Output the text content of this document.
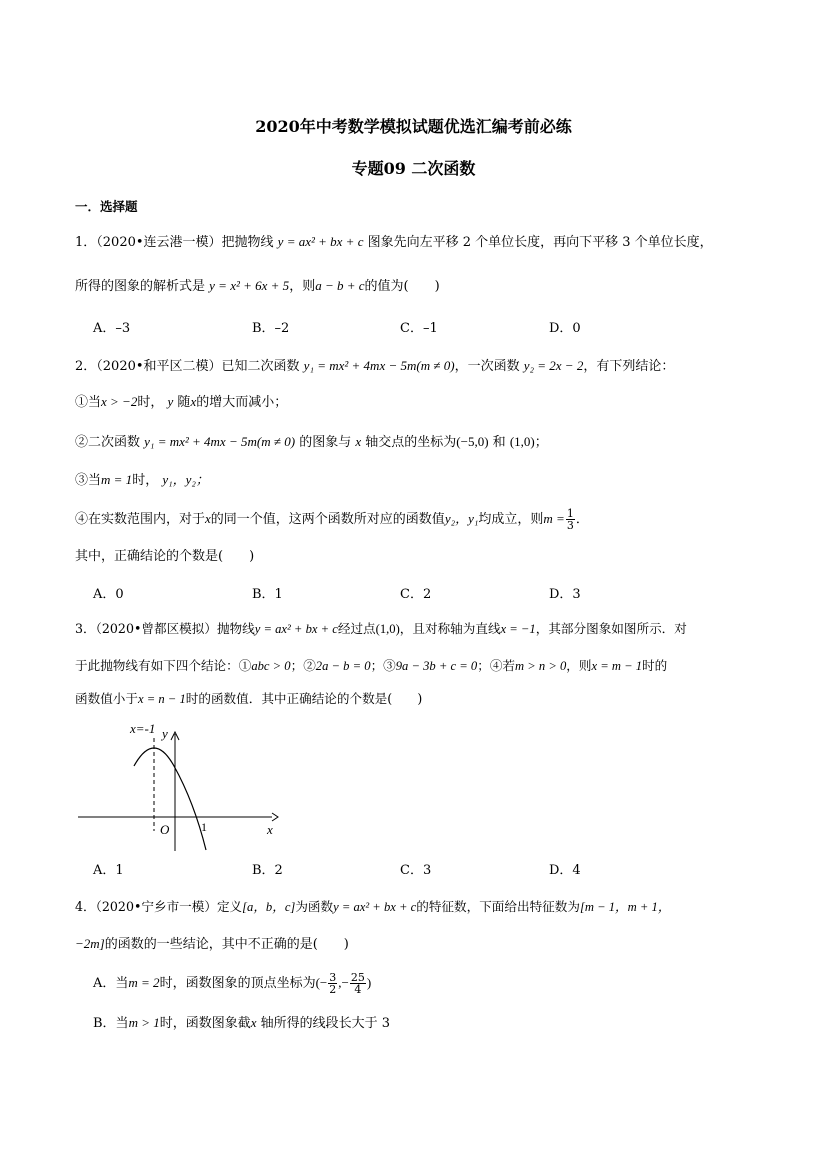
2020年中考数学模拟试题优选汇编考前必练
专题09 二次函数
一．选择题
1．（2020•连云港一模）把抛物线 y = ax² + bx + c 图象先向左平移 2 个单位长度，再向下平移 3 个单位长度，
所得的图象的解析式是 y = x² + 6x + 5，则a − b + c的值为(　　)
A．–3	B．–2	C．–1	D．0
2．（2020•和平区二模）已知二次函数 y₁ = mx² + 4mx − 5m(m ≠ 0)，一次函数 y₂ = 2x − 2，有下列结论：
①当x > −2时， y 随x的增大而减小；
②二次函数 y₁ = mx² + 4mx − 5m(m ≠ 0) 的图象与 x 轴交点的坐标为(−5,0) 和 (1,0)；
③当m = 1时， y₁，y₂；
④在实数范围内，对于x的同一个值，这两个函数所对应的函数值y₂，y₁均成立，则$m = \frac{1}{3}$ ．
其中，正确结论的个数是(　　)
A．0	B．1	C．2	D．3
3．（2020•曾都区模拟）抛物线y = ax² + bx + c经过点(1,0)，且对称轴为直线x = −1，其部分图象如图所示．对
于此抛物线有如下四个结论：①abc > 0；②2a − b = 0；③9a − 3b + c = 0；④若m > n > 0，则x = m − 1时的
函数值小于x = n − 1时的函数值．其中正确结论的个数是(　　)
x=-1 y
x
O	1
A．1	B．2	C．3	D．4
4．（2020•宁乡市一模）定义[a，b，c]为函数y = ax² + bx + c的特征数，下面给出特征数为[m − 1，m + 1，
−2m]的函数的一些结论，其中不正确的是(　　)
A．当m = 2时，函数图象的顶点坐标为(− $\frac{3}{2}$ ,− $\frac{25}{4}$ )
B．当m > 1时，函数图象截x 轴所得的线段长大于 3
